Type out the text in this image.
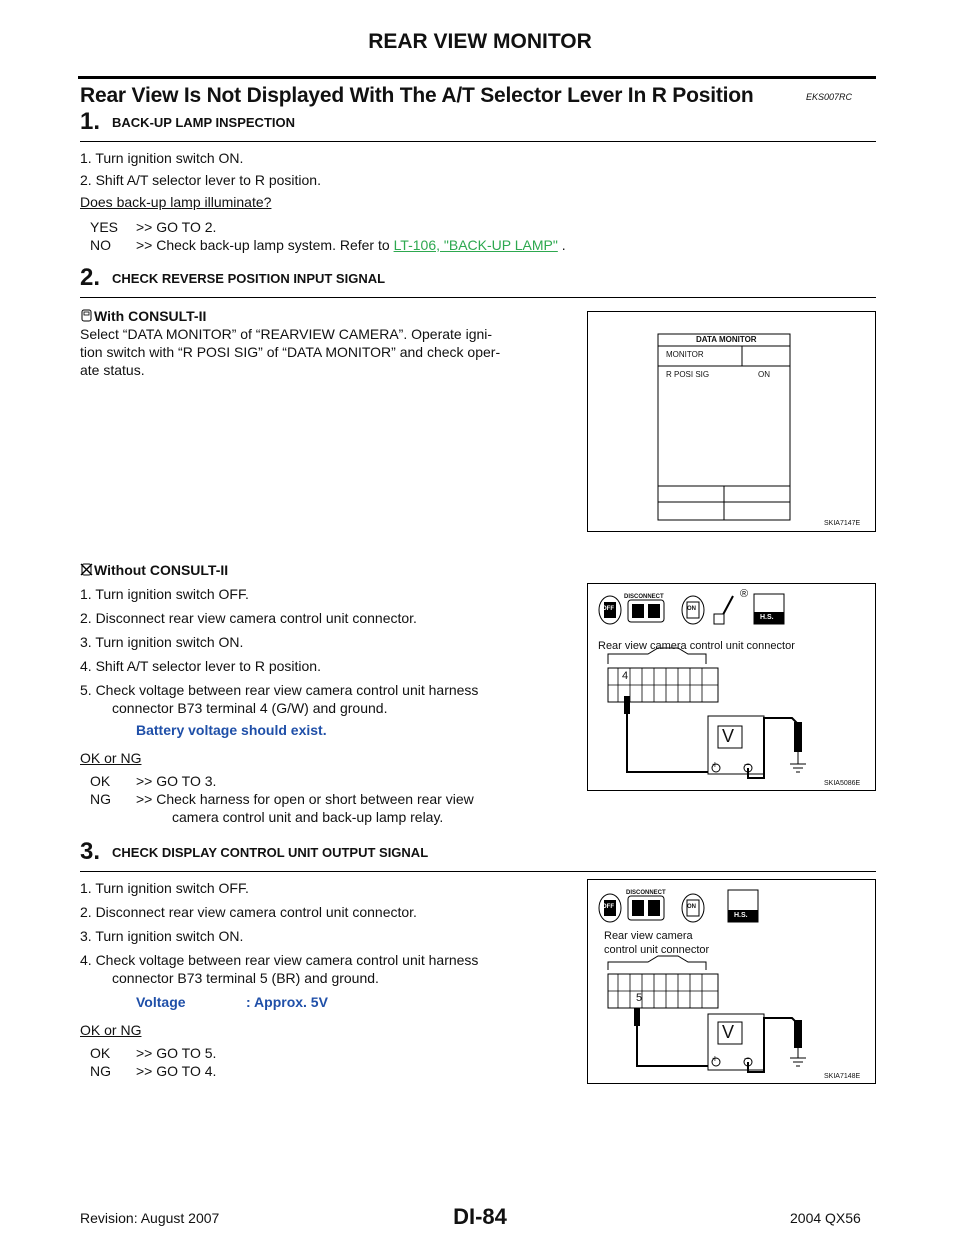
REAR VIEW MONITOR
Rear View Is Not Displayed With The A/T Selector Lever In R Position	EKS007RC
1. BACK-UP LAMP INSPECTION
1. Turn ignition switch ON.
2. Shift A/T selector lever to R position.
Does back-up lamp illuminate?
YES >> GO TO 2.
NO >> Check back-up lamp system. Refer to LT-106, "BACK-UP LAMP" .
2. CHECK REVERSE POSITION INPUT SIGNAL
With CONSULT-II
Select “DATA MONITOR” of “REARVIEW CAMERA”. Operate igni-
tion switch with “R POSI SIG” of “DATA MONITOR” and check oper-
ate status.
DATA MONITOR
MONITOR
R POSI SIG	ON
SKIA7147E
Without CONSULT-II
1. Turn ignition switch OFF.
2. Disconnect rear view camera control unit connector.
3. Turn ignition switch ON.
4. Shift A/T selector lever to R position.
5. Check voltage between rear view camera control unit harness
connector B73 terminal 4 (G/W) and ground.
Battery voltage should exist.
OK or NG
OK >> GO TO 3.
NG >> Check harness for open or short between rear view
camera control unit and back-up lamp relay.
DISCONNECT
OFF	ON
H.S.
®
Rear view camera control unit connector
4
V
+	−
SKIA5086E
3. CHECK DISPLAY CONTROL UNIT OUTPUT SIGNAL
1. Turn ignition switch OFF.
2. Disconnect rear view camera control unit connector.
3. Turn ignition switch ON.
4. Check voltage between rear view camera control unit harness
connector B73 terminal 5 (BR) and ground.
Voltage	: Approx. 5V
OK or NG
OK >> GO TO 5.
NG >> GO TO 4.
DISCONNECT
OFF	ON
H.S.
Rear view camera
control unit connector
5
V
+	−
SKIA7148E
DI-84
Revision: August 2007	2004 QX56
